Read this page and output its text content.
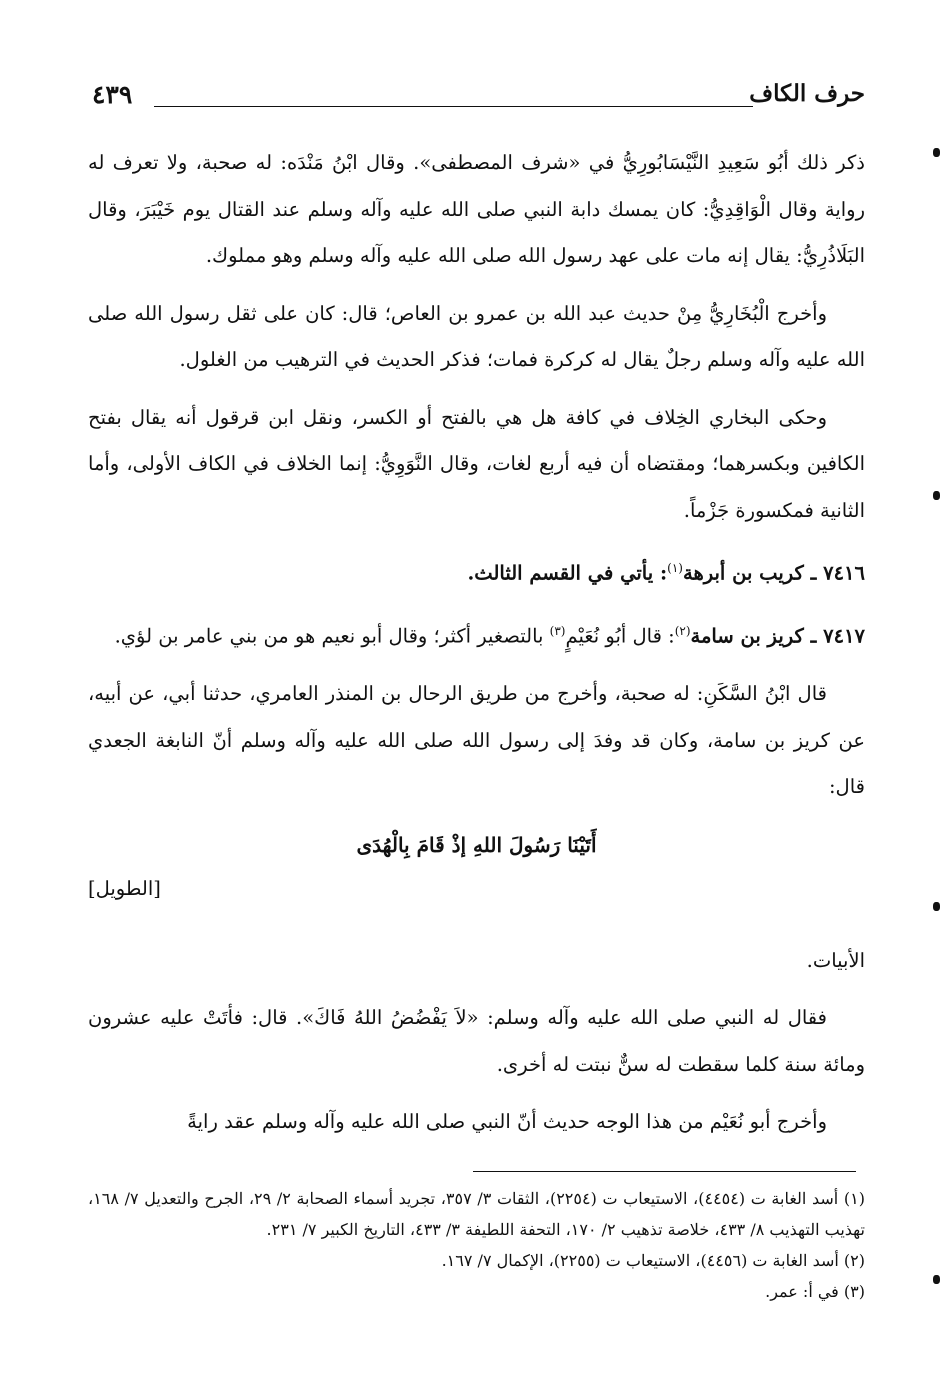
٤٣٩	حرف الكاف

ذكر ذلك أبُو سَعِيدِ النَّيْسَابُورِيُّ في «شرف المصطفى». وقال ابْنُ مَنْدَه: له صحبة، ولا تعرف له رواية وقال الْوَاقِدِيُّ: كان يمسك دابة النبي صلى الله عليه وآله وسلم عند القتال يوم خَيْبَرَ، وقال البَلَاذُرِيُّ: يقال إنه مات على عهد رسول الله صلى الله عليه وآله وسلم وهو مملوك.

وأخرج الْبُخَارِيُّ مِنْ حديث عبد الله بن عمرو بن العاص؛ قال: كان على ثقل رسول الله صلى الله عليه وآله وسلم رجلٌ يقال له كركرة فمات؛ فذكر الحديث في الترهيب من الغلول.

وحكى البخاري الخِلاف في كافة هل هي بالفتح أو الكسر، ونقل ابن قرقول أنه يقال بفتح الكافين وبكسرهما؛ ومقتضاه أن فيه أربع لغات، وقال النَّوَوِيُّ: إنما الخلاف في الكاف الأولى، وأما الثانية فمكسورة جَزْماً.

٧٤١٦ ـ كريب بن أبرهة$^{(١)}$: يأتي في القسم الثالث.

٧٤١٧ ـ كريز بن سامة$^{(٢)}$: قال أبُو نُعَيْمٍ$^{(٣)}$ بالتصغير أكثر؛ وقال أبو نعيم هو من بني عامر بن لؤي.

قال ابْنُ السَّكَنِ: له صحبة، وأخرج من طريق الرحال بن المنذر العامري، حدثنا أبي، عن أبيه، عن كريز بن سامة، وكان قد وفدَ إلى رسول الله صلى الله عليه وآله وسلم أنّ النابغة الجعدي قال:

أَتَيْنَا رَسُولَ اللهِ إذْ قَامَ بِالْهُدَى
[الطويل]

الأبيات.

فقال له النبي صلى الله عليه وآله وسلم: «لاَ يَفْضُضُ اللهُ فَاكَ». قال: فأتَتْ عليه عشرون ومائة سنة كلما سقطت له سنٌّ نبتت له أخرى.

وأخرج أبو نُعَيْم من هذا الوجه حديث أنّ النبي صلى الله عليه وآله وسلم عقد رايةً

(١) أسد الغابة ت (٤٤٥٤)، الاستيعاب ت (٢٢٥٤)، الثقات ٣/ ٣٥٧، تجريد أسماء الصحابة ٢/ ٢٩، الجرح والتعديل ٧/ ١٦٨، تهذيب التهذيب ٨/ ٤٣٣، خلاصة تذهيب ٢/ ١٧٠، التحفة اللطيفة ٣/ ٤٣٣، التاريخ الكبير ٧/ ٢٣١.

(٢) أسد الغابة ت (٤٤٥٦)، الاستيعاب ت (٢٢٥٥)، الإكمال ٧/ ١٦٧.

(٣) في أ: عمر.
